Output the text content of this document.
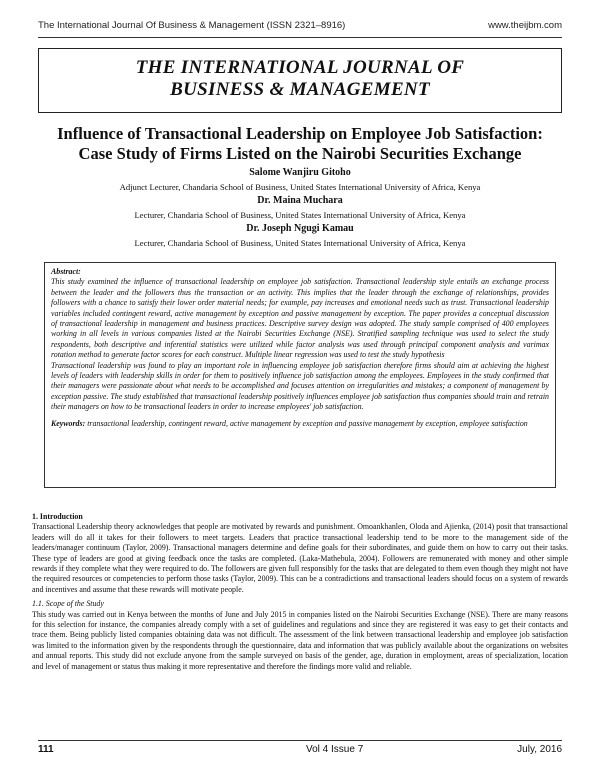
The International Journal Of Business & Management (ISSN 2321–8916)	www.theijbm.com
THE INTERNATIONAL JOURNAL OF
BUSINESS & MANAGEMENT
Influence of Transactional Leadership on Employee Job Satisfaction:
Case Study of Firms Listed on the Nairobi Securities Exchange
Salome Wanjiru Gitoho
Adjunct Lecturer, Chandaria School of Business, United States International University of Africa, Kenya
Dr. Maina Muchara
Lecturer, Chandaria School of Business, United States International University of Africa, Kenya
Dr. Joseph Ngugi Kamau
Lecturer, Chandaria School of Business, United States International University of Africa, Kenya

Abstract:

This study examined the influence of transactional leadership on employee job satisfaction. Transactional leadership style entails an exchange process between the leader and the followers thus the transaction or an activity. This implies that the leader through the exchange of relationships, provides followers with a chance to satisfy their lower order material needs; for example, pay increases and emotional needs such as trust. Transactional leadership variables included contingent reward, active management by exception and passive management by exception. The paper provides a conceptual discussion of transactional leadership in management and business practices. Descriptive survey design was adopted. The study sample comprised of 400 employees working in all levels in various companies listed at the Nairobi Securities Exchange (NSE). Stratified sampling technique was used to select the study respondents, both descriptive and inferential statistics were utilized while factor analysis was used through principal component analysis and varimax rotation method to generate factor scores for each construct. Multiple linear regression was used to test the study hypothesis

Transactional leadership was found to play an important role in influencing employee job satisfaction therefore firms should aim at achieving the highest levels of leaders with leadership skills in order for them to positively influence job satisfaction among the employees. Employees in the study confirmed that their managers were passionate about what needs to be accomplished and focuses attention on irregularities and mistakes; a component of management by exception passive. The study established that transactional leadership positively influences employee job satisfaction thus companies should train and retrain their managers on how to be transactional leaders in order to increase employees' job satisfaction.

Keywords: transactional leadership, contingent reward, active management by exception and passive management by exception, employee satisfaction

1. Introduction

Transactional Leadership theory acknowledges that people are motivated by rewards and punishment. Omoankhanlen, Oloda and Ajienka, (2014) posit that transactional leaders will do all it takes for their followers to meet targets. Leaders that practice transactional leadership tend to be more to the management side of the leaders/manager continuum (Taylor, 2009). Transactional managers determine and define goals for their subordinates, and guide them on how to carry out their tasks. These type of leaders are good at giving feedback once the tasks are completed. (Laka-Mathebula, 2004). Followers are remunerated with money and other simple rewards if they complete what they were required to do. The followers are given full responsibly for the tasks that are delegated to them even though they might not have the required resources or competencies to perform those tasks (Taylor, 2009). This can be a contradictions and transactional leaders should focus on a system of rewards and incentives and assume that these rewards will motivate people.

1.1. Scope of the Study

This study was carried out in Kenya between the months of June and July 2015 in companies listed on the Nairobi Securities Exchange (NSE). There are many reasons for this selection for instance, the companies already comply with a set of guidelines and regulations and since they are registered it was easy to get their contacts and trace them. Being publicly listed companies obtaining data was not difficult. The assessment of the link between transactional leadership and employee job satisfaction was limited to the information given by the respondents through the questionnaire, data and information that was publicly available about the organizations on websites and annual reports. This study did not exclude anyone from the sample surveyed on basis of the gender, age, duration in employment, areas of specialization, location and level of management or status thus making it more representative and therefore the findings more valid and reliable.

111	Vol 4 Issue 7	July, 2016
